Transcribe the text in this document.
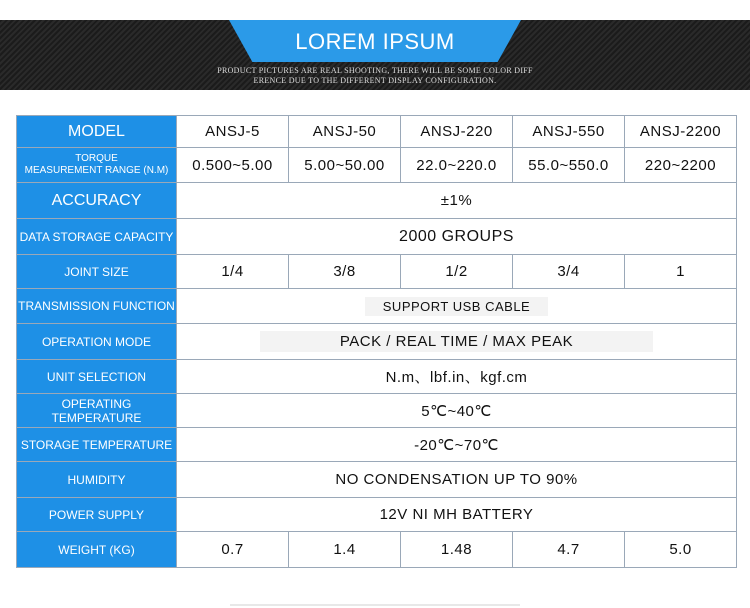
LOREM IPSUM
PRODUCT PICTURES ARE REAL SHOOTING, THERE WILL BE SOME COLOR DIFF
ERENCE DUE TO THE DIFFERENT DISPLAY CONFIGURATION.
MODEL	ANSJ-5	ANSJ-50	ANSJ-220	ANSJ-550	ANSJ-2200

TORQUE
MEASUREMENT RANGE (N.M)	0.500~5.00	5.00~50.00	22.0~220.0	55.0~550.0	220~2200
ACCURACY	±1%				
DATA STORAGE CAPACITY	2000 GROUPS				
JOINT SIZE	1/4	3/8	1/2	3/4	1
TRANSMISSION FUNCTION	SUPPORT USB CABLE				
OPERATION MODE	PACK / REAL TIME / MAX PEAK				
UNIT SELECTION	N.m、lbf.in、kgf.cm				
OPERATING TEMPERATURE	5℃~40℃				
STORAGE TEMPERATURE	-20℃~70℃				
HUMIDITY	NO CONDENSATION UP TO 90%				
POWER SUPPLY	12V NI MH BATTERY				
WEIGHT (KG)	0.7	1.4	1.48	4.7	5.0
